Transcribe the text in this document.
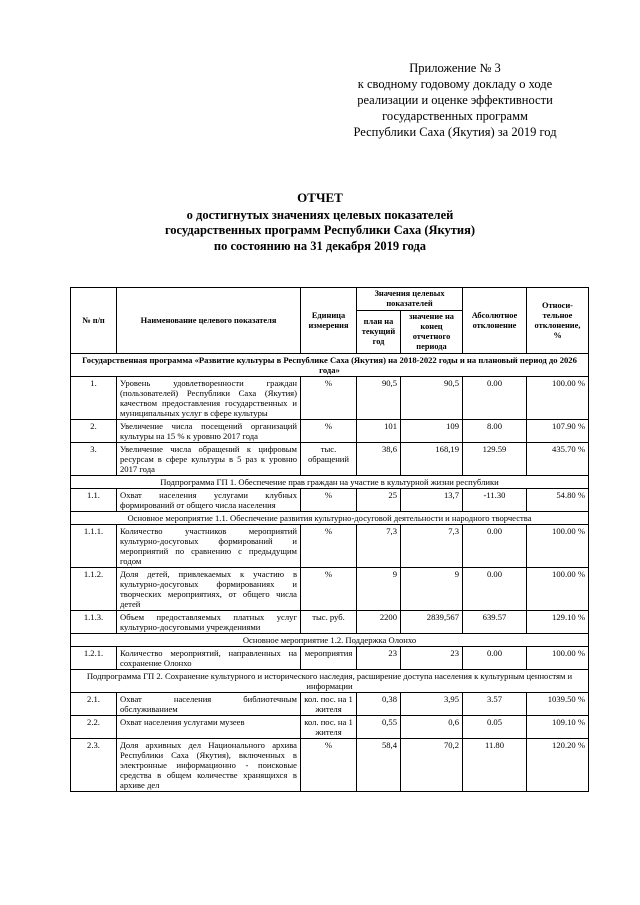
Приложение № 3
к сводному годовому докладу о ходе
реализации и оценке эффективности
государственных программ
Республики Саха (Якутия) за 2019 год
ОТЧЕТ
о достигнутых значениях целевых показателей
государственных программ Республики Саха (Якутия)
по состоянию на 31 декабря 2019 года
№ п/п	Наименование целевого показателя	Единица измерения	Значения целевых показателей		Абсолютное отклонение	Относи-тельное отклонение, %
			план на текущий год	значение на конец отчетного периода		
Государственная программа «Развитие культуры в Республике Саха (Якутия) на 2018-2022 годы и на плановый период до 2026 года»						
1.	Уровень удовлетворенности граждан (пользователей) Республики Саха (Якутия) качеством предоставления государственных и муниципальных услуг в сфере культуры	%	90,5	90,5	0.00	100.00 %
2.	Увеличение числа посещений организаций культуры на 15 % к уровню 2017 года	%	101	109	8.00	107.90 %
3.	Увеличение числа обращений к цифровым ресурсам в сфере культуры в 5 раз к уровню 2017 года	тыс. обращений	38,6	168,19	129.59	435.70 %
Подпрограмма ГП 1. Обеспечение прав граждан на участие в культурной жизни республики						
1.1.	Охват населения услугами клубных формирований от общего числа населения	%	25	13,7	-11.30	54.80 %
Основное мероприятие 1.1. Обеспечение развития культурно-досуговой деятельности и народного творчества						
1.1.1.	Количество участников мероприятий культурно-досуговых формирований и мероприятий по сравнению с предыдущим годом	%	7,3	7,3	0.00	100.00 %
1.1.2.	Доля детей, привлекаемых к участию в культурно-досуговых формированиях и творческих мероприятиях, от общего числа детей	%	9	9	0.00	100.00 %
1.1.3.	Объем предоставляемых платных услуг культурно-досуговыми учреждениями	тыс. руб.	2200	2839,567	639.57	129.10 %
Основное мероприятие 1.2. Поддержка Олонхо						
1.2.1.	Количество мероприятий, направленных на сохранение Олонхо	мероприятия	23	23	0.00	100.00 %
Подпрограмма ГП 2. Сохранение культурного и исторического наследия, расширение доступа населения к культурным ценностям и информации						
2.1.	Охват населения библиотечным обслуживанием	кол. пос. на 1 жителя	0,38	3,95	3.57	1039.50 %
2.2.	Охват населения услугами музеев	кол. пос. на 1 жителя	0,55	0,6	0.05	109.10 %
2.3.	Доля архивных дел Национального архива Республики Саха (Якутия), включенных в электронные информационно - поисковые средства в общем количестве хранящихся в архиве дел	%	58,4	70,2	11.80	120.20 %
